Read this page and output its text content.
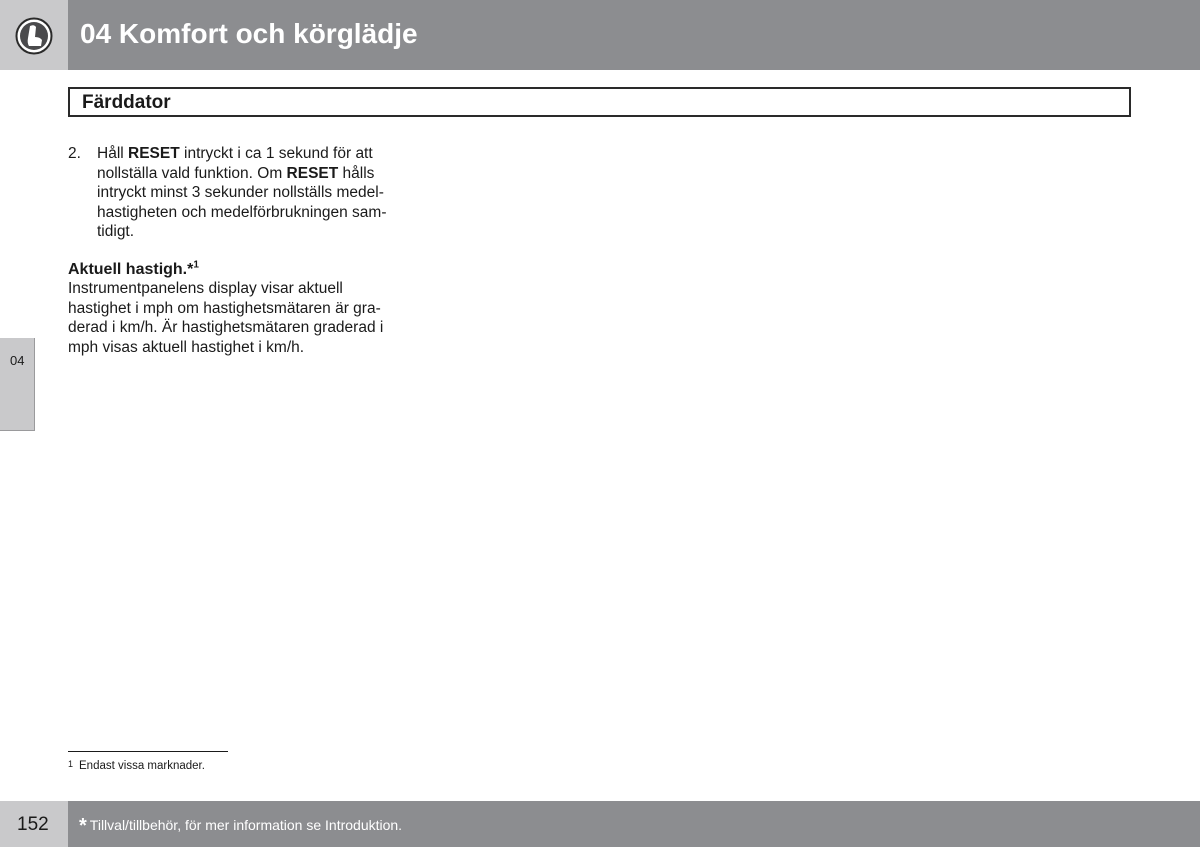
04 Komfort och körglädje
Färddator
04
2. Håll RESET intryckt i ca 1 sekund för att
nollställa vald funktion. Om RESET hålls
intryckt minst 3 sekunder nollställs medel-
hastigheten och medelförbrukningen sam-
tidigt.
Aktuell hastigh.*$^1$
Instrumentpanelens display visar aktuell
hastighet i mph om hastighetsmätaren är gra-
derad i km/h. Är hastighetsmätaren graderad i
mph visas aktuell hastighet i km/h.
1 Endast vissa marknader.
152 * Tillval/tillbehör, för mer information se Introduktion.
